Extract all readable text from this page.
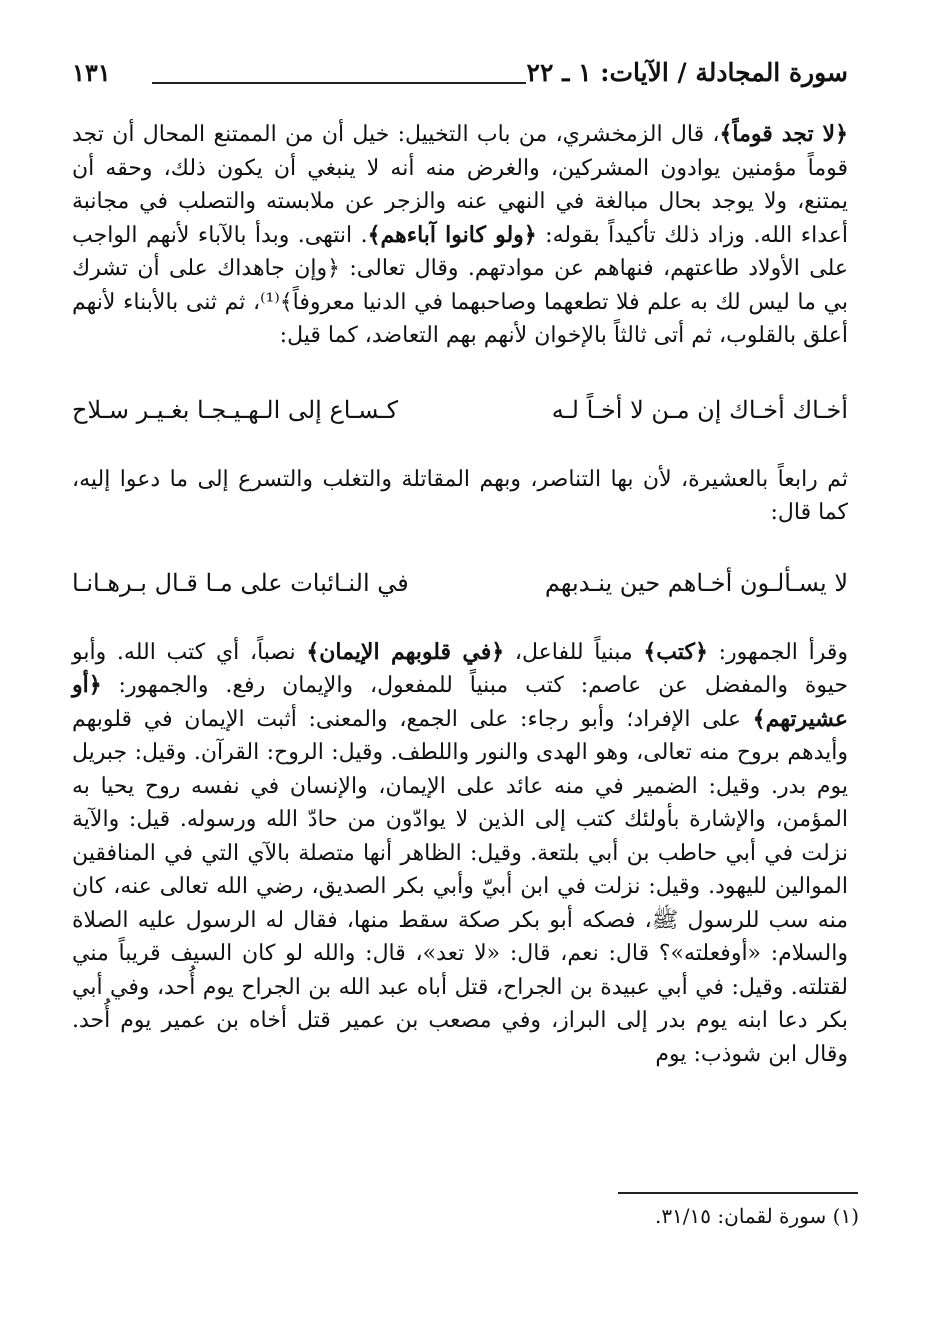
سورة المجادلة / الآيات: ١ ـ ٢٢
١٣١

﴿لا تجد قوماً﴾، قال الزمخشري، من باب التخييل: خيل أن من الممتنع المحال أن تجد قوماً مؤمنين يوادون المشركين، والغرض منه أنه لا ينبغي أن يكون ذلك، وحقه أن يمتنع، ولا يوجد بحال مبالغة في النهي عنه والزجر عن ملابسته والتصلب في مجانبة أعداء الله. وزاد ذلك تأكيداً بقوله: ﴿ولو كانوا آباءهم﴾. انتهى. وبدأ بالآباء لأنهم الواجب على الأولاد طاعتهم، فنهاهم عن موادتهم. وقال تعالى: ﴿وإن جاهداك على أن تشرك بي ما ليس لك به علم فلا تطعهما وصاحبهما في الدنيا معروفاً﴾⁽¹⁾، ثم ثنى بالأبناء لأنهم أعلق بالقلوب، ثم أتى ثالثاً بالإخوان لأنهم بهم التعاضد، كما قيل:

أخـاك أخـاك إن مـن لا أخـاً لـه
كـسـاع إلى الـهـيـجـا بغـيـر سـلاح

ثم رابعاً بالعشيرة، لأن بها التناصر، وبهم المقاتلة والتغلب والتسرع إلى ما دعوا إليه، كما قال:

لا يسـألـون أخـاهم حين ينـدبهم
في النـائبات على مـا قـال بـرهـانـا

وقرأ الجمهور: ﴿كتب﴾ مبنياً للفاعل، ﴿في قلوبهم الإيمان﴾ نصباً، أي كتب الله. وأبو حيوة والمفضل عن عاصم: كتب مبنياً للمفعول، والإيمان رفع. والجمهور: ﴿أو عشيرتهم﴾ على الإفراد؛ وأبو رجاء: على الجمع، والمعنى: أثبت الإيمان في قلوبهم وأيدهم بروح منه تعالى، وهو الهدى والنور واللطف. وقيل: الروح: القرآن. وقيل: جبريل يوم بدر. وقيل: الضمير في منه عائد على الإيمان، والإنسان في نفسه روح يحيا به المؤمن، والإشارة بأولئك كتب إلى الذين لا يوادّون من حادّ الله ورسوله. قيل: والآية نزلت في أبي حاطب بن أبي بلتعة. وقيل: الظاهر أنها متصلة بالآي التي في المنافقين الموالين لليهود. وقيل: نزلت في ابن أبيّ وأبي بكر الصديق، رضي الله تعالى عنه، كان منه سب للرسول ﷺ، فصكه أبو بكر صكة سقط منها، فقال له الرسول عليه الصلاة والسلام: «أوفعلته»؟ قال: نعم، قال: «لا تعد»، قال: والله لو كان السيف قريباً مني لقتلته. وقيل: في أبي عبيدة بن الجراح، قتل أباه عبد الله بن الجراح يوم أُحد، وفي أبي بكر دعا ابنه يوم بدر إلى البراز، وفي مصعب بن عمير قتل أخاه بن عمير يوم أُحد. وقال ابن شوذب: يوم

(١) سورة لقمان: ٣١/١٥.
